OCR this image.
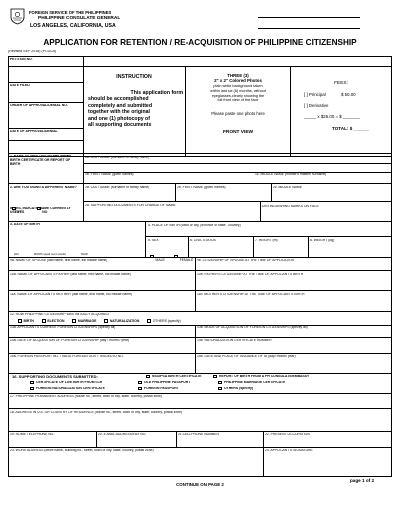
FOREIGN SERVICE OF THE PHILIPPINES
PHILIPPINE CONSULATE GENERAL
LOS ANGELES, CALIFORNIA, USA
APPLICATION FOR RETENTION / RE-ACQUISITION OF PHILIPPINE CITIZENSHIP
(Revised SEP 2018) (PCGLA)
PETITION NO.
DATE FILED
ORDER OF APPROVAL/DENIAL NO.
DATE OF APPROVAL/DENIAL
INSTRUCTION
This application form
should be accomplished
completely and submitted
together with the original
and one (1) photocopy of
all supporting documents
THREE (3)
2" x 2" Colored Photos
plain white background taken
within last six (6) months, without
eyeglasses,clearly showing the
full front view of the face
Please paste one photo here
FRONT VIEW
FEES:
[ ] Principal	$ 50.00
[ ] Derivative
_____ x $25.00 = $ _______
TOTAL: $ ______
1. NAME AS WRITTEN ON PHILIPPINE BIRTH CERTIFICATE OR REPORT OF BIRTH
1a. LAST NAME (surname or family name)
1b. FIRST NAME (given names)	1c. MIDDLE NAME (mother's maiden surname)
2. ARE YOU USING A DIFFERENT NAME?
YES	NO
IF YES, INDICATE NAME CURRENTLY USED
2a. LAST NAME (surname or family name)	2b. FIRST NAME (given names)	2c. MIDDLE NAME
2d. SUPPORTING DOCUMENTS FOR CHANGE OF NAME	DISTINGUISHING MARKS ON FACE
3. DATE OF BIRTH
DAY	MONTH (spell out in words)	YEAR
4. PLACE OF BIRTH (town or city, province or state , country)
5. SEX
MALE	FEMALE
6. CIVIL STATUS	7. HEIGHT (m)	8. WEIGHT (kg)
9a. NAME OF SPOUSE (last name, first name, full middle name)	9b. CITIZENSHIP OF SPOUSE AT THE TIME OF APPLICATION
10a. NAME OF APPLICANT'S FATHER (last name, first name, full middle name)	10b. FATHER'S CITIZENSHIP AT THE TIME OF APPLICANT'S BIRTH
11a. NAME OF APPLICANT'S MOTHER (last name, first name, full middle name)	11b. MOTHER'S CITIZENSHIP AT THE TIME OF APPLICANT'S BIRTH
12. HOW PHILIPPINE CITIZENSHIP WAS INITIALLY ACQUIRED
BIRTH	ELECTION	MARRIAGE	NATURALIZATION	OTHERS (specify)
13a. APPLICANT'S CURRENT FOREIGN CITIZENSHIPS (specify all)	13b. MODE OF ACQUISITION OF FOREIGN CITIZENSHIPS (specify all)
14a. DATE OF ACQUISITION OF FOREIGN CITIZENSHIP (day / month / year)	14b. NATURALIZATION CERTIFICATE NUMBER
15a. FOREIGN PASSPORT NO. / VALID FOREIGN GOV'T ISSUED ID NO.	15b. DATE AND PLACE OF ISSUANCE OF ID (day/ month/ year)
16. SUPPORTING DOCUMENTS SUBMITTED:	NSO/PSA BIRTH CERTIFICATE	REPORT OF BIRTH FROM A PH CONSULATE/EMBASSY
CERTIFICATE OF LIVE BIRTH FROM LCR	OLD PHILIPPINE PASSPORT	PHILIPPINE MARRIAGE CERTIFICATE
FOREIGN NATURALIZATION CERTIFICATE	FOREIGN PASSPORT	OTHERS (specify)
17. PHILIPPINE PERMANENT ADDRESS (house no., street, town or city, state, country, postal zone)
18. ADDRESS IN U.S. OR COUNTRY OF RESIDENCE (house no., street, town or city, state, country, postal zone)
19. HOME TELEPHONE NO.	20. E-MAIL ADDRESS/FAX NO.	21.CELLPHONE NUMBER	22. PRESENT OCCUPATION
23. WORK ADDRESS (office name, building no., street, town or city, state, country, postal zone)	24. APPLICANT'S SIGNATURE
CONTINUE ON PAGE 2
page 1 of 2
